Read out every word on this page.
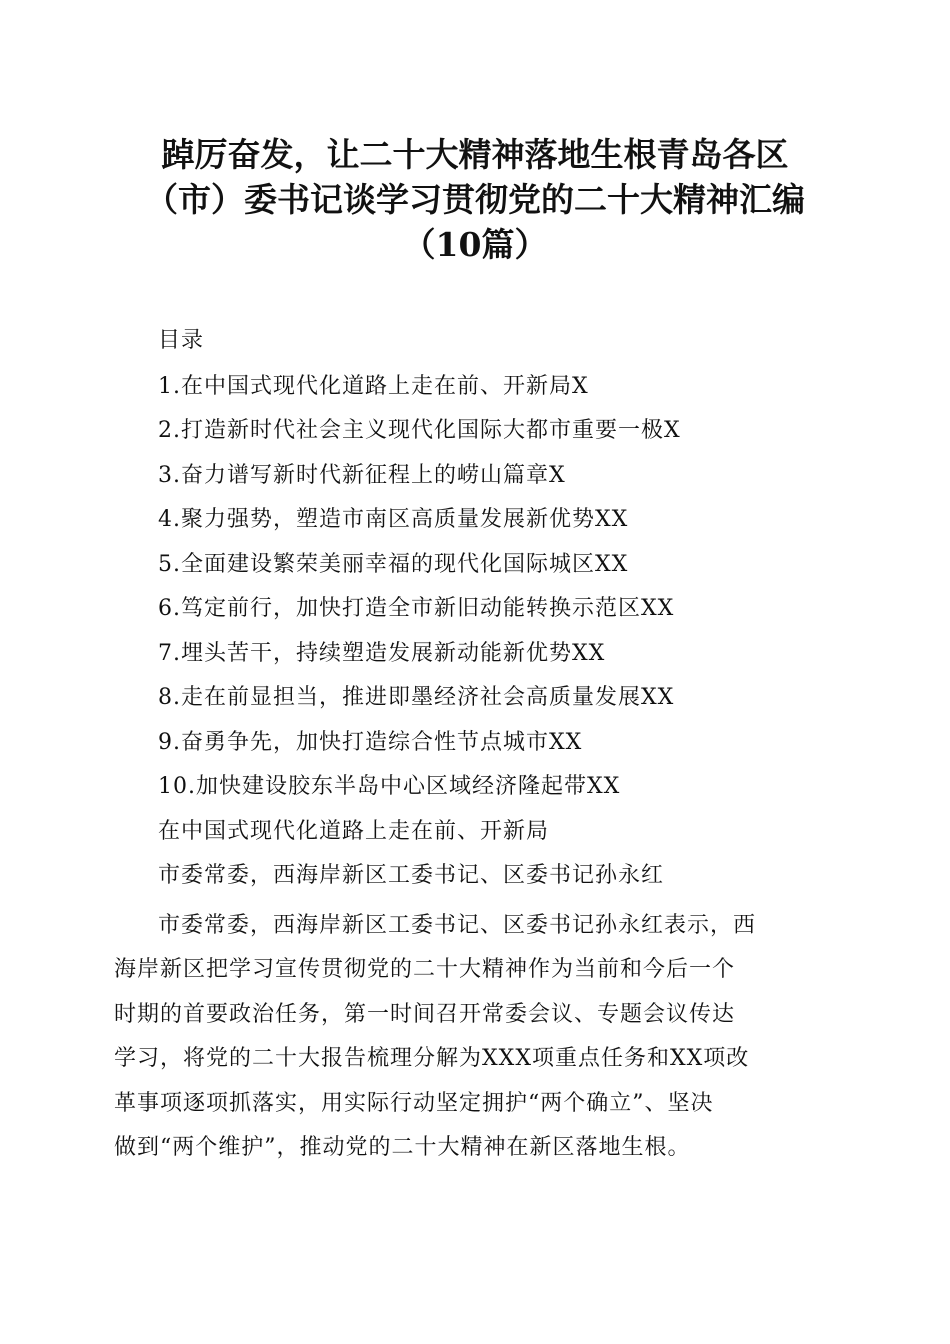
踔厉奋发，让二十大精神落地生根青岛各区
（市）委书记谈学习贯彻党的二十大精神汇编
（10篇）
目录
1.在中国式现代化道路上走在前、开新局X
2.打造新时代社会主义现代化国际大都市重要一极X
3.奋力谱写新时代新征程上的崂山篇章X
4.聚力强势，塑造市南区高质量发展新优势XX
5.全面建设繁荣美丽幸福的现代化国际城区XX
6.笃定前行，加快打造全市新旧动能转换示范区XX
7.埋头苦干，持续塑造发展新动能新优势XX
8.走在前显担当，推进即墨经济社会高质量发展XX
9.奋勇争先，加快打造综合性节点城市XX
10.加快建设胶东半岛中心区域经济隆起带XX
在中国式现代化道路上走在前、开新局
市委常委，西海岸新区工委书记、区委书记孙永红
市委常委，西海岸新区工委书记、区委书记孙永红表示，西
海岸新区把学习宣传贯彻党的二十大精神作为当前和今后一个
时期的首要政治任务，第一时间召开常委会议、专题会议传达
学习，将党的二十大报告梳理分解为XXX项重点任务和XX项改
革事项逐项抓落实，用实际行动坚定拥护“两个确立”、坚决
做到“两个维护”，推动党的二十大精神在新区落地生根。
